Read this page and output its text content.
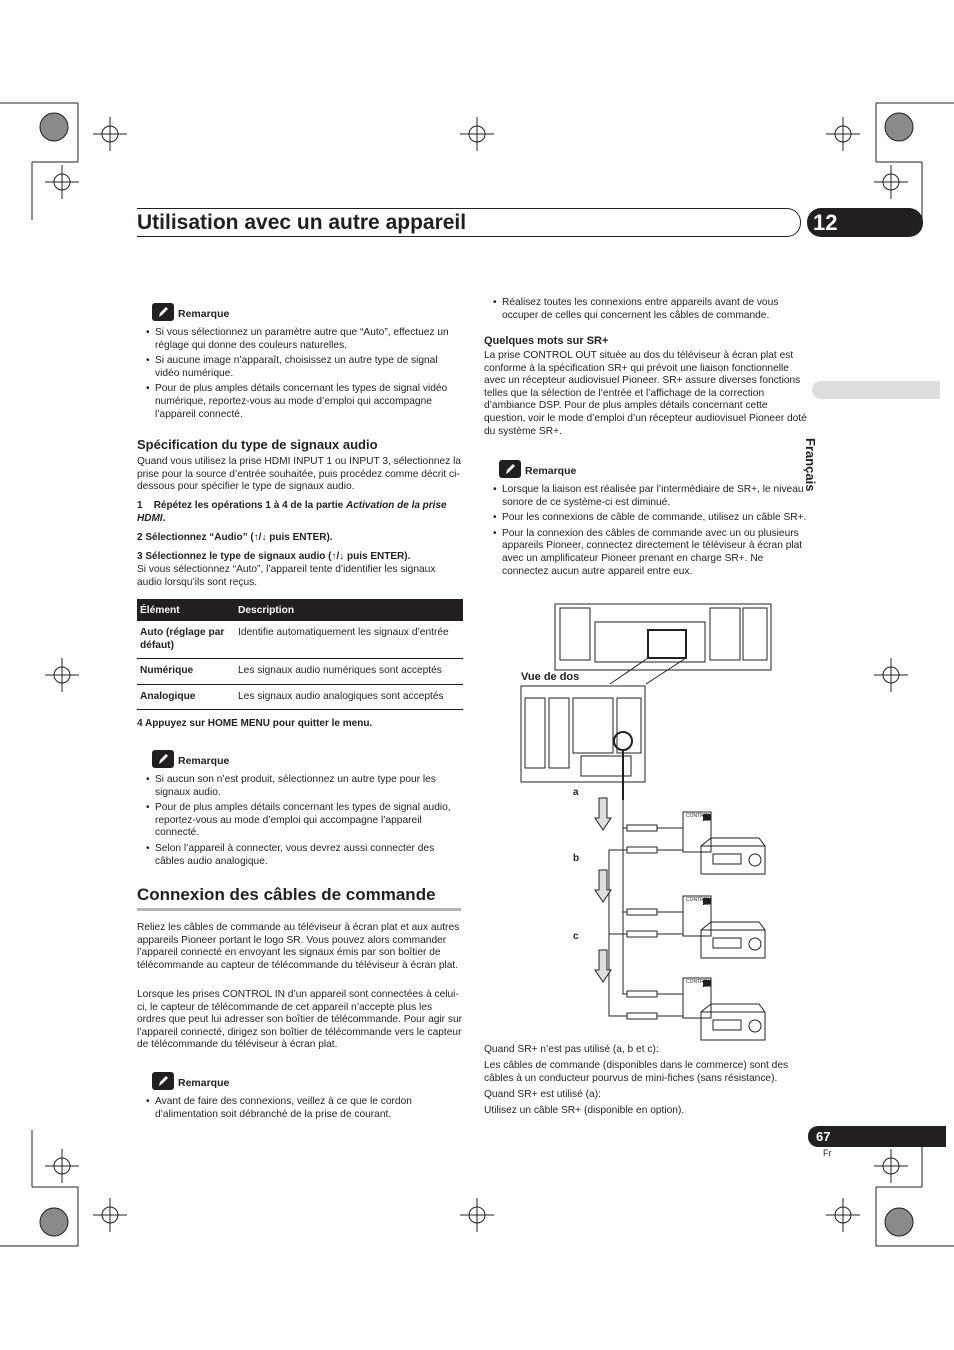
Utilisation avec un autre appareil	12
Français
Remarque
• Si vous sélectionnez un paramètre autre que “Auto”, effectuez un réglage qui donne des couleurs naturelles.
• Si aucune image n’apparaît, choisissez un autre type de signal vidéo numérique.
• Pour de plus amples détails concernant les types de signal vidéo numérique, reportez-vous au mode d’emploi qui accompagne l’appareil connecté.
Spécification du type de signaux audio
Quand vous utilisez la prise HDMI INPUT 1 ou INPUT 3, sélectionnez la prise pour la source d’entrée souhaitée, puis procédez comme décrit ci-dessous pour spécifier le type de signaux audio.
1 Répétez les opérations 1 à 4 de la partie Activation de la prise HDMI.
2 Sélectionnez “Audio” (↑/↓ puis ENTER).
3 Sélectionnez le type de signaux audio (↑/↓ puis ENTER).
Si vous sélectionnez “Auto”, l’appareil tente d’identifier les signaux audio lorsqu’ils sont reçus.
Élément	Description
Auto (réglage par défaut)	Identifie automatiquement les signaux d’entrée
Numérique	Les signaux audio numériques sont acceptés
Analogique	Les signaux audio analogiques sont acceptés
4 Appuyez sur HOME MENU pour quitter le menu.
Remarque
• Si aucun son n’est produit, sélectionnez un autre type pour les signaux audio.
• Pour de plus amples détails concernant les types de signal audio, reportez-vous au mode d’emploi qui accompagne l’appareil connecté.
• Selon l’appareil à connecter, vous devrez aussi connecter des câbles audio analogique.
Connexion des câbles de commande
Reliez les câbles de commande au téléviseur à écran plat et aux autres appareils Pioneer portant le logo SR. Vous pouvez alors commander l’appareil connecté en envoyant les signaux émis par son boîtier de télécommande au capteur de télécommande du téléviseur à écran plat.
Lorsque les prises CONTROL IN d’un appareil sont connectées à celui-ci, le capteur de télécommande de cet appareil n’accepte plus les ordres que peut lui adresser son boîtier de télécommande. Pour agir sur l’appareil connecté, dirigez son boîtier de télécommande vers le capteur de télécommande du téléviseur à écran plat.
Remarque
• Avant de faire des connexions, veillez à ce que le cordon d’alimentation soit débranché de la prise de courant.
• Réalisez toutes les connexions entre appareils avant de vous occuper de celles qui concernent les câbles de commande.
Quelques mots sur SR+
La prise CONTROL OUT située au dos du téléviseur à écran plat est conforme à la spécification SR+ qui prévoit une liaison fonctionnelle avec un récepteur audiovisuel Pioneer. SR+ assure diverses fonctions telles que la sélection de l’entrée et l’affichage de la correction d’ambiance DSP. Pour de plus amples détails concernant cette question, voir le mode d’emploi d’un récepteur audiovisuel Pioneer doté du système SR+.
Remarque
• Lorsque la liaison est réalisée par l’intermédiaire de SR+, le niveau sonore de ce système-ci est diminué.
• Pour les connexions de câble de commande, utilisez un câble SR+.
• Pour la connexion des câbles de commande avec un ou plusieurs appareils Pioneer, connectez directement le téléviseur à écran plat avec un amplificateur Pioneer prenant en charge SR+. Ne connectez aucun autre appareil entre eux.
Vue de dos
a
b
c
CONTROL
CONTROL
CONTROL
SR
SR
SR
Quand SR+ n’est pas utilisé (a, b et c):
Les câbles de commande (disponibles dans le commerce) sont des câbles à un conducteur pourvus de mini-fiches (sans résistance).
Quand SR+ est utilisé (a):
Utilisez un câble SR+ (disponible en option).
67
Fr
